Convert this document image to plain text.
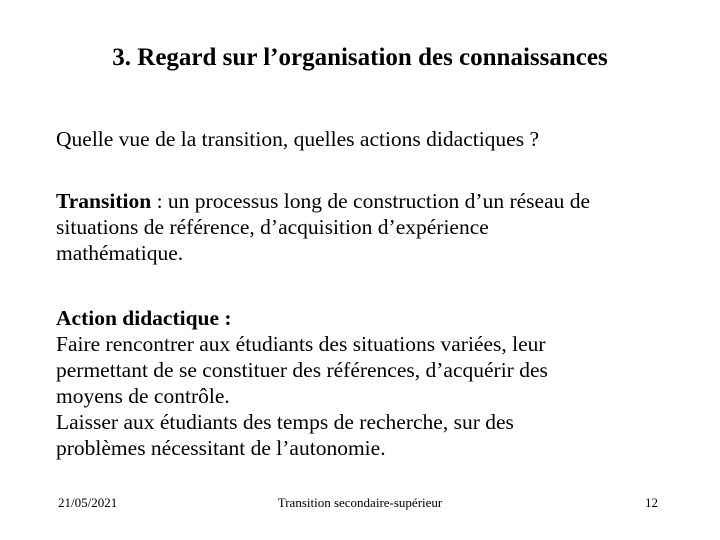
3. Regard sur l’organisation des connaissances
Quelle vue de la transition, quelles actions didactiques ?
Transition : un processus long de construction d’un réseau de
situations de référence, d’acquisition d’expérience
mathématique.
Action didactique :
Faire rencontrer aux étudiants des situations variées, leur
permettant de se constituer des références, d’acquérir des
moyens de contrôle.
Laisser aux étudiants des temps de recherche, sur des
problèmes nécessitant de l’autonomie.
21/05/2021	Transition secondaire-supérieur	12
